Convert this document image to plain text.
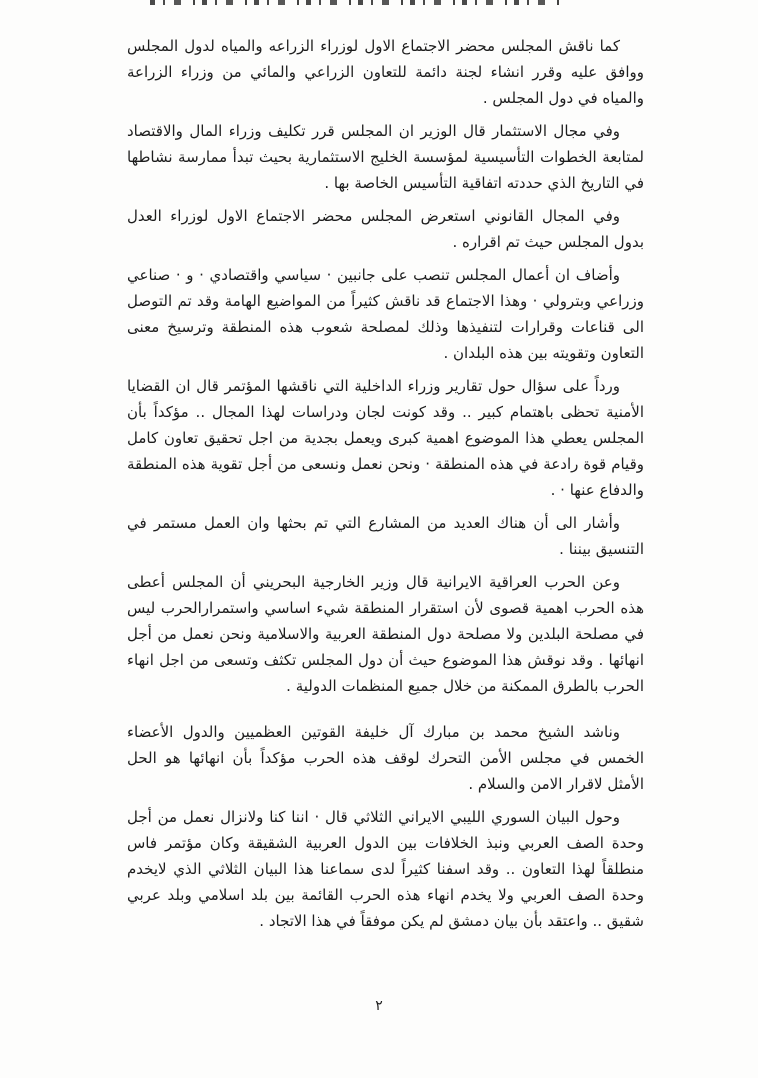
كما ناقش المجلس محضر الاجتماع الاول لوزراء الزراعه والمياه لدول المجلس ووافق عليه وقرر انشاء لجنة دائمة للتعاون الزراعي والمائي من وزراء الزراعة والمياه في دول المجلس .

وفي مجال الاستثمار قال الوزير ان المجلس قرر تكليف وزراء المال والاقتصاد لمتابعة الخطوات التأسيسية لمؤسسة الخليج الاستثمارية بحيث تبدأ ممارسة نشاطها في التاريخ الذي حددته اتفاقية التأسيس الخاصة بها .

وفي المجال القانوني استعرض المجلس محضر الاجتماع الاول لوزراء العدل بدول المجلس حيث تم اقراره .

وأضاف ان أعمال المجلس تنصب على جانبين · سياسي واقتصادي · و · صناعي وزراعي وبترولي · وهذا الاجتماع قد ناقش كثيراً من المواضيع الهامة وقد تم التوصل الى قناعات وقرارات لتنفيذها وذلك لمصلحة شعوب هذه المنطقة وترسيخ معنى التعاون وتقويته بين هذه البلدان .

ورداً على سؤال حول تقارير وزراء الداخلية التي ناقشها المؤتمر قال ان القضايا الأمنية تحظى باهتمام كبير .. وقد كونت لجان ودراسات لهذا المجال .. مؤكداً بأن المجلس يعطي هذا الموضوع اهمية كبرى ويعمل بجدية من اجل تحقيق تعاون كامل وقيام قوة رادعة في هذه المنطقة · ونحن نعمل ونسعى من أجل تقوية هذه المنطقة والدفاع عنها · .

وأشار الى أن هناك العديد من المشارع التي تم بحثها وان العمل مستمر في التنسيق بيننا .

وعن الحرب العراقية الايرانية قال وزير الخارجية البحريني أن المجلس أعطى هذه الحرب اهمية قصوى لأن استقرار المنطقة شيء اساسي واستمرارالحرب ليس في مصلحة البلدين ولا مصلحة دول المنطقة العربية والاسلامية ونحن نعمل من أجل انهائها . وقد نوقش هذا الموضوع حيث أن دول المجلس تكثف وتسعى من اجل انهاء الحرب بالطرق الممكنة من خلال جميع المنظمات الدولية .

وناشد الشيخ محمد بن مبارك آل خليفة القوتين العظميين والدول الأعضاء الخمس في مجلس الأمن التحرك لوقف هذه الحرب مؤكداً بأن انهائها هو الحل الأمثل لاقرار الامن والسلام .

وحول البيان السوري الليبي الايراني الثلاثي قال · اننا كنا ولانزال نعمل من أجل وحدة الصف العربي ونبذ الخلافات بين الدول العربية الشقيقة وكان مؤتمر فاس منطلقاً لهذا التعاون .. وقد اسفنا كثيراً لدى سماعنا هذا البيان الثلاثي الذي لايخدم وحدة الصف العربي ولا يخدم انهاء هذه الحرب القائمة بين بلد اسلامي وبلد عربي شقيق .. واعتقد بأن بيان دمشق لم يكن موفقاً في هذا الاتجاد .

٢
